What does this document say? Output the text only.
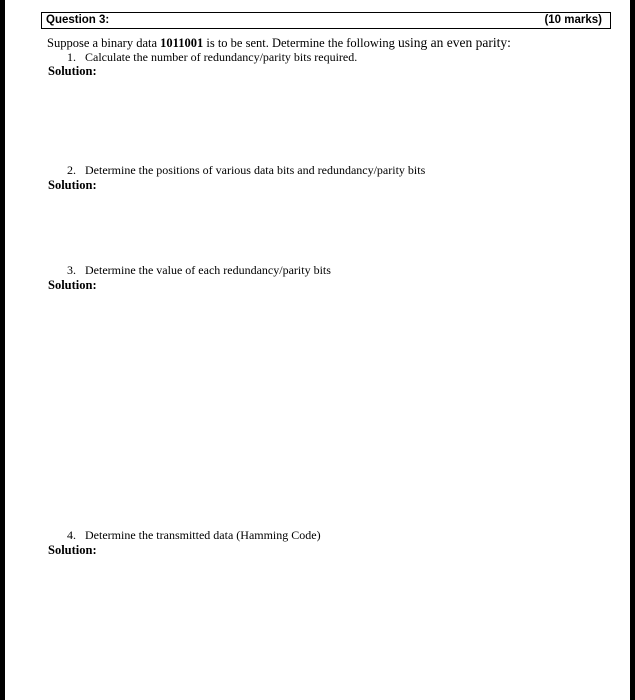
Question 3:	(10 marks)
Suppose a binary data 1011001 is to be sent. Determine the following using an even parity:
1. Calculate the number of redundancy/parity bits required.
Solution:
2. Determine the positions of various data bits and redundancy/parity bits
Solution:
3. Determine the value of each redundancy/parity bits
Solution:
4. Determine the transmitted data (Hamming Code)
Solution:
